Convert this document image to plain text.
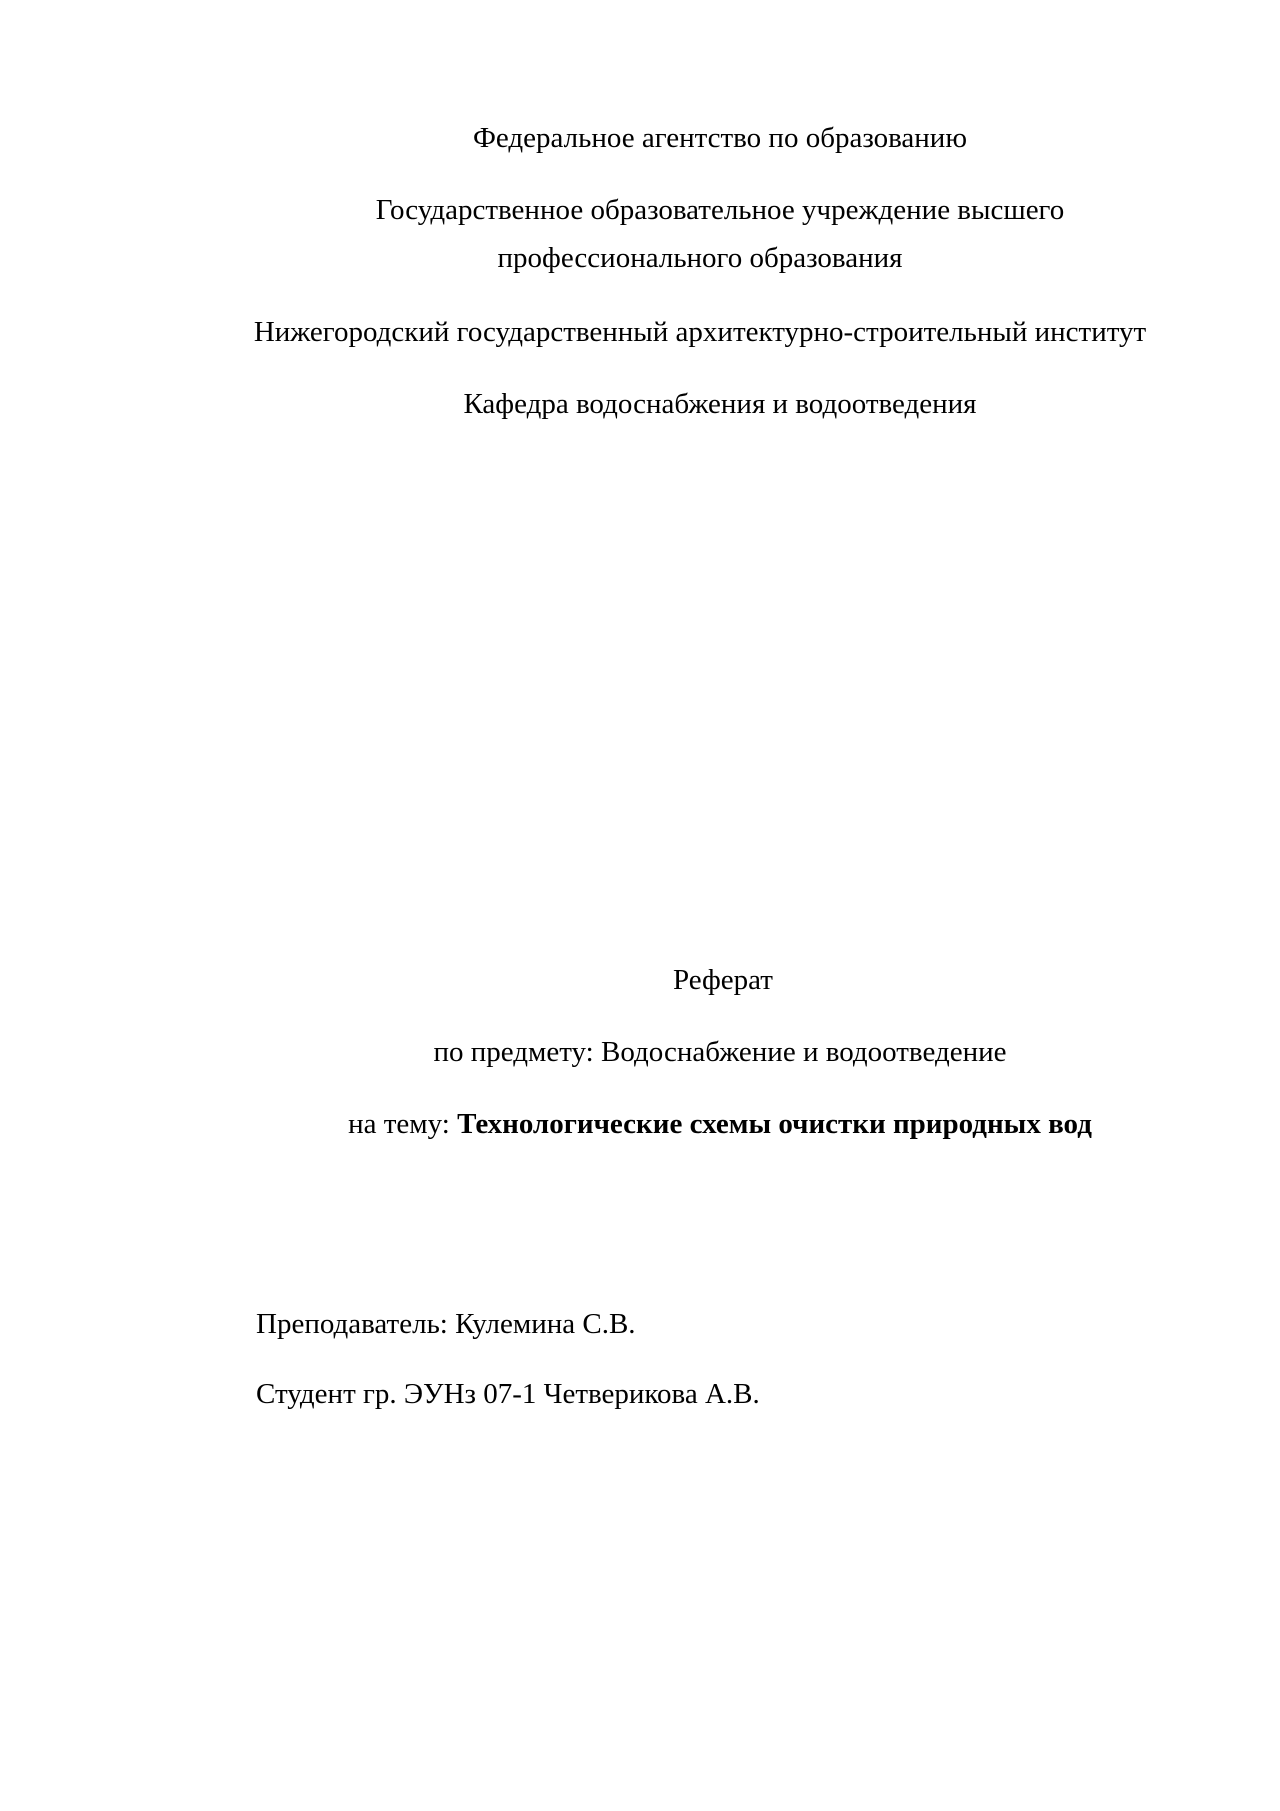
Федеральное агентство по образованию

Государственное образовательное учреждение высшего

профессионального образования

Нижегородский государственный архитектурно-строительный институт

Кафедра водоснабжения и водоотведения

Реферат

по предмету: Водоснабжение и водоотведение

на тему: Технологические схемы очистки природных вод

Преподаватель: Кулемина С.В.

Студент гр. ЭУНз 07-1 Четверикова А.В.
